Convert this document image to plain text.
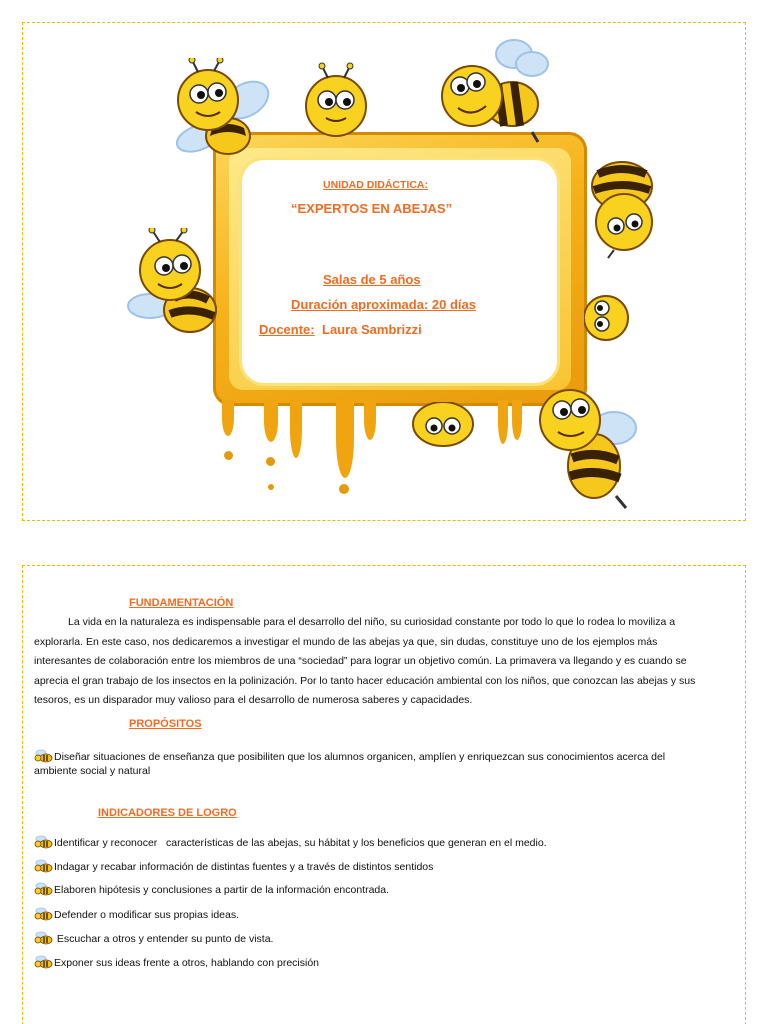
UNIDAD DIDÁCTICA:
“EXPERTOS EN ABEJAS”
Salas de 5 años
Duración aproximada: 20 días
Docente: Laura Sambrizzi
FUNDAMENTACIÓN
La vida en la naturaleza es indispensable para el desarrollo del niño, su curiosidad constante por todo lo que lo rodea lo moviliza a
explorarla. En este caso, nos dedicaremos a investigar el mundo de las abejas ya que, sin dudas, constituye uno de los ejemplos más
interesantes de colaboración entre los miembros de una “sociedad” para lograr un objetivo común. La primavera va llegando y es cuando se
aprecia el gran trabajo de los insectos en la polinización. Por lo tanto hacer educación ambiental con los niños, que conozcan las abejas y sus
tesoros, es un disparador muy valioso para el desarrollo de numerosa saberes y capacidades.
PROPÓSITOS
Diseñar situaciones de enseñanza que posibiliten que los alumnos organicen, amplíen y enriquezcan sus conocimientos acerca del
ambiente social y natural
INDICADORES DE LOGRO
Identificar y reconocer   características de las abejas, su hábitat y los beneficios que generan en el medio.
Indagar y recabar información de distintas fuentes y a través de distintos sentidos
Elaboren hipótesis y conclusiones a partir de la información encontrada.
Defender o modificar sus propias ideas.
Escuchar a otros y entender su punto de vista.
Exponer sus ideas frente a otros, hablando con precisión
